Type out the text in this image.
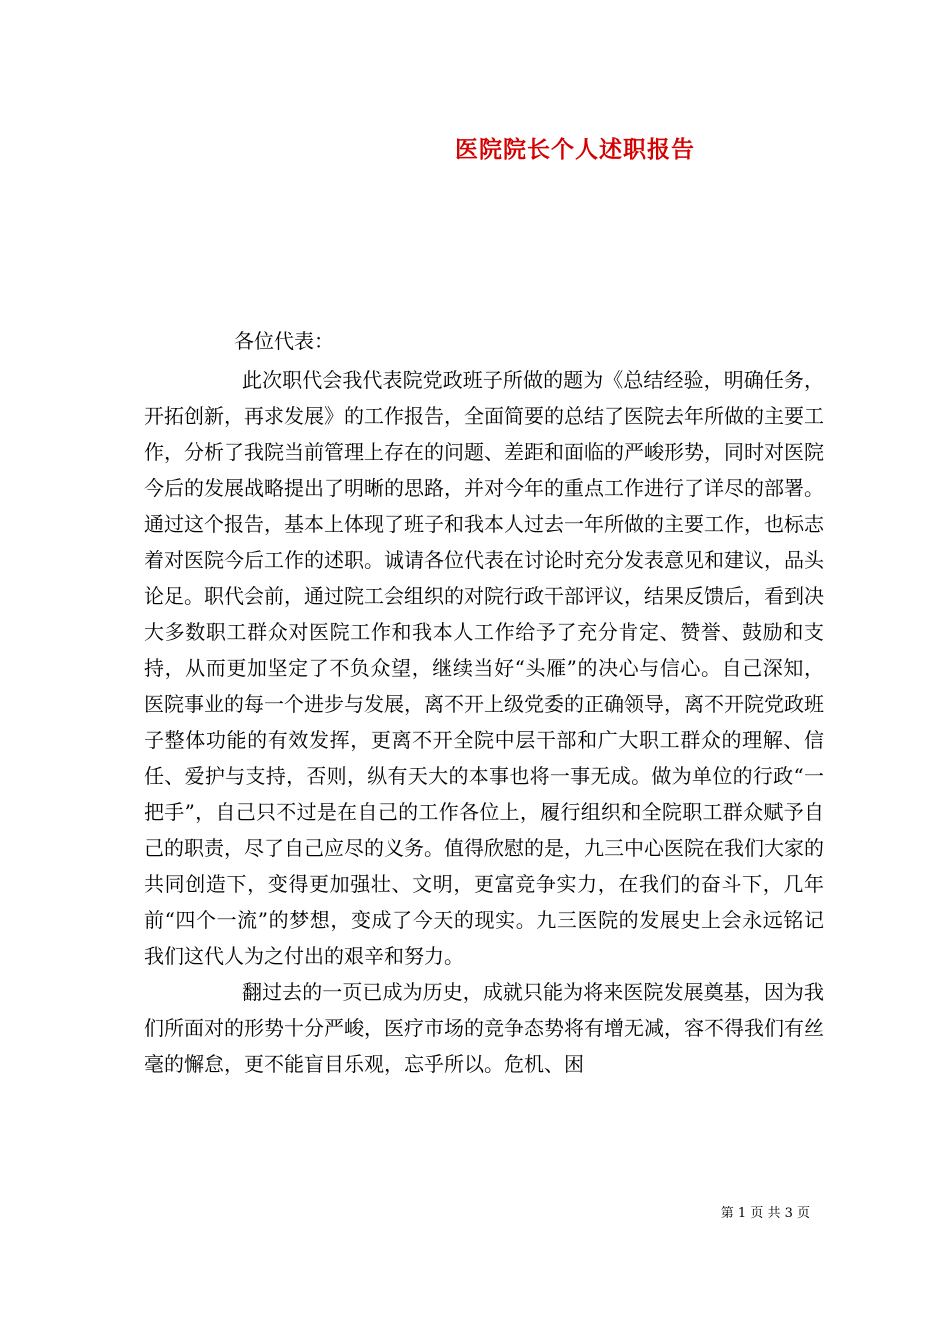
医院院长个人述职报告
各位代表：

此次职代会我代表院党政班子所做的题为《总结经验，明确任务，开拓创新，再求发展》的工作报告，全面简要的总结了医院去年所做的主要工作，分析了我院当前管理上存在的问题、差距和面临的严峻形势，同时对医院今后的发展战略提出了明晰的思路，并对今年的重点工作进行了详尽的部署。通过这个报告，基本上体现了班子和我本人过去一年所做的主要工作，也标志着对医院今后工作的述职。诚请各位代表在讨论时充分发表意见和建议，品头论足。职代会前，通过院工会组织的对院行政干部评议，结果反馈后，看到决大多数职工群众对医院工作和我本人工作给予了充分肯定、赞誉、鼓励和支持，从而更加坚定了不负众望，继续当好“头雁”的决心与信心。自己深知，医院事业的每一个进步与发展，离不开上级党委的正确领导，离不开院党政班子整体功能的有效发挥，更离不开全院中层干部和广大职工群众的理解、信任、爱护与支持，否则，纵有天大的本事也将一事无成。做为单位的行政“一把手”，自己只不过是在自己的工作各位上，履行组织和全院职工群众赋予自己的职责，尽了自己应尽的义务。值得欣慰的是，九三中心医院在我们大家的共同创造下，变得更加强壮、文明，更富竞争实力，在我们的奋斗下，几年前“四个一流”的梦想，变成了今天的现实。九三医院的发展史上会永远铭记我们这代人为之付出的艰辛和努力。

翻过去的一页已成为历史，成就只能为将来医院发展奠基，因为我们所面对的形势十分严峻，医疗市场的竞争态势将有增无减，容不得我们有丝毫的懈怠，更不能盲目乐观，忘乎所以。危机、困

第 1 页 共 3 页
